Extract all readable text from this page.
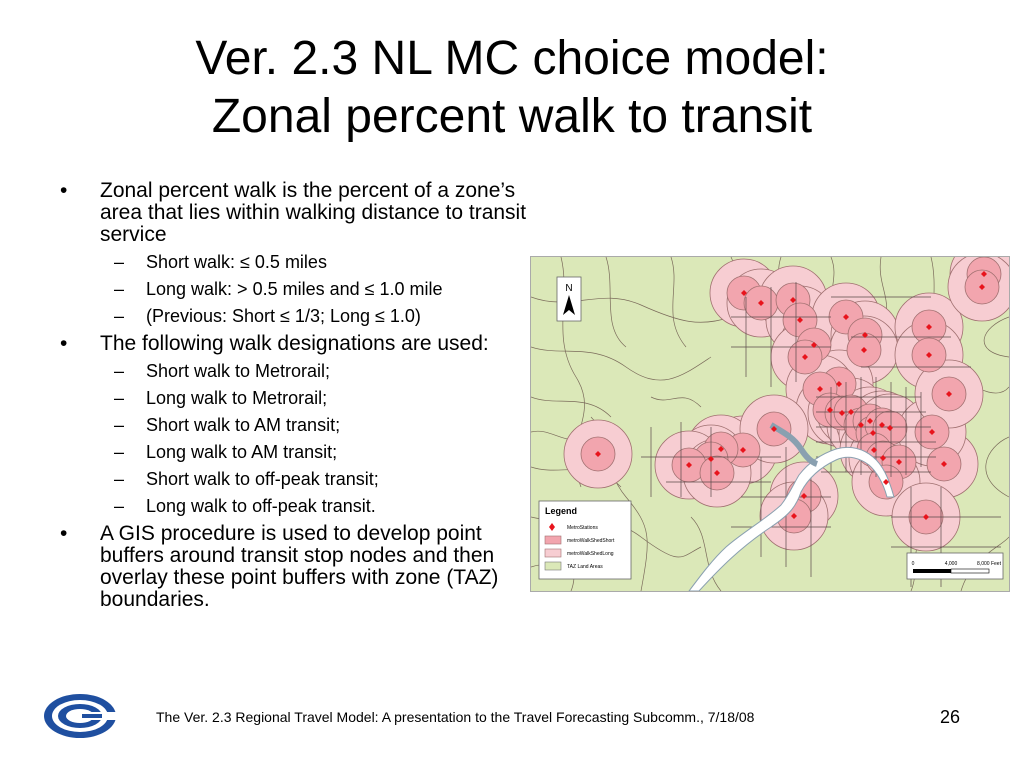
Ver. 2.3 NL MC choice model:
Zonal percent walk to transit
• Zonal percent walk is the percent of a zone’s area that lies within walking distance to transit service
– Short walk: ≤ 0.5 miles
– Long walk: > 0.5 miles and ≤ 1.0 mile
– (Previous: Short ≤ 1/3; Long ≤ 1.0)
• The following walk designations are used:
– Short walk to Metrorail;
– Long walk to Metrorail;
– Short walk to AM transit;
– Long walk to AM transit;
– Short walk to off-peak transit;
– Long walk to off-peak transit.
• A GIS procedure is used to develop point buffers around transit stop nodes and then overlay these point buffers with zone (TAZ) boundaries.
N
Legend
MetroStations
metroWalkShedShort
metroWalkShedLong
TAZ Land Areas	0	4,000	8,000 Feet
The Ver. 2.3 Regional Travel Model: A presentation to the Travel Forecasting Subcomm., 7/18/08	26
